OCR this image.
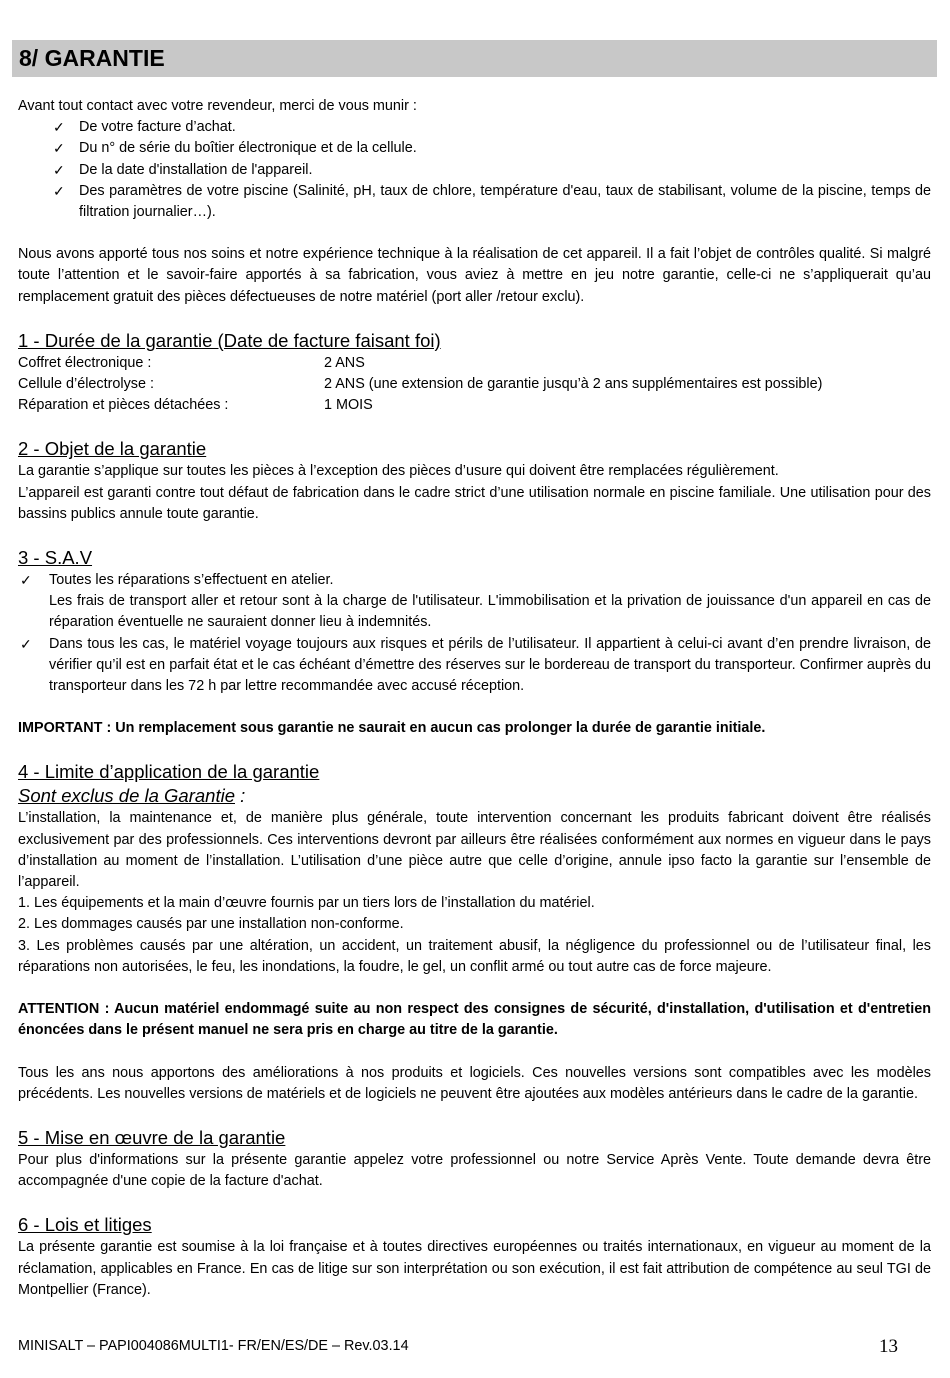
8/ GARANTIE

Avant tout contact avec votre revendeur, merci de vous munir :

✓ De votre facture d’achat.
✓ Du n° de série du boîtier électronique et de la cellule.
✓ De la date d'installation de l'appareil.
✓ Des paramètres de votre piscine (Salinité, pH, taux de chlore, température d'eau, taux de stabilisant, volume de la piscine, temps de filtration journalier…).

Nous avons apporté tous nos soins et notre expérience technique à la réalisation de cet appareil. Il a fait l’objet de contrôles qualité. Si malgré toute l’attention et le savoir-faire apportés à sa fabrication, vous aviez à mettre en jeu notre garantie, celle-ci ne s’appliquerait qu’au remplacement gratuit des pièces défectueuses de notre matériel (port aller /retour exclu).

1 - Durée de la garantie (Date de facture faisant foi)
Coffret électronique :	2 ANS
Cellule d’électrolyse :	2 ANS (une extension de garantie jusqu’à 2 ans supplémentaires est possible)
Réparation et pièces détachées :	1 MOIS
2 - Objet de la garantie

La garantie s’applique sur toutes les pièces à l’exception des pièces d’usure qui doivent être remplacées régulièrement.

L’appareil est garanti contre tout défaut de fabrication dans le cadre strict d’une utilisation normale en piscine familiale. Une utilisation pour des bassins publics annule toute garantie.

3 - S.A.V
✓ Toutes les réparations s’effectuent en atelier.
Les frais de transport aller et retour sont à la charge de l'utilisateur. L'immobilisation et la privation de jouissance d'un appareil en cas de réparation éventuelle ne sauraient donner lieu à indemnités.
✓ Dans tous les cas, le matériel voyage toujours aux risques et périls de l’utilisateur. Il appartient à celui-ci avant d’en prendre livraison, de vérifier qu’il est en parfait état et le cas échéant d’émettre des réserves sur le bordereau de transport du transporteur. Confirmer auprès du transporteur dans les 72 h par lettre recommandée avec accusé réception.

IMPORTANT : Un remplacement sous garantie ne saurait en aucun cas prolonger la durée de garantie initiale.

4 - Limite d’application de la garantie
Sont exclus de la Garantie :

L’installation, la maintenance et, de manière plus générale, toute intervention concernant les produits fabricant doivent être réalisés exclusivement par des professionnels. Ces interventions devront par ailleurs être réalisées conformément aux normes en vigueur dans le pays d’installation au moment de l’installation. L’utilisation d’une pièce autre que celle d’origine, annule ipso facto la garantie sur l’ensemble de l’appareil.

1. Les équipements et la main d’œuvre fournis par un tiers lors de l’installation du matériel.

2. Les dommages causés par une installation non-conforme.

3. Les problèmes causés par une altération, un accident, un traitement abusif, la négligence du professionnel ou de l’utilisateur final, les réparations non autorisées, le feu, les inondations, la foudre, le gel, un conflit armé ou tout autre cas de force majeure.

ATTENTION : Aucun matériel endommagé suite au non respect des consignes de sécurité, d'installation, d'utilisation et d'entretien énoncées dans le présent manuel ne sera pris en charge au titre de la garantie.

Tous les ans nous apportons des améliorations à nos produits et logiciels. Ces nouvelles versions sont compatibles avec les modèles précédents. Les nouvelles versions de matériels et de logiciels ne peuvent être ajoutées aux modèles antérieurs dans le cadre de la garantie.

5 - Mise en œuvre de la garantie

Pour plus d'informations sur la présente garantie appelez votre professionnel ou notre Service Après Vente. Toute demande devra être accompagnée d'une copie de la facture d'achat.

6 - Lois et litiges

La présente garantie est soumise à la loi française et à toutes directives européennes ou traités internationaux, en vigueur au moment de la réclamation, applicables en France. En cas de litige sur son interprétation ou son exécution, il est fait attribution de compétence au seul TGI de Montpellier (France).

MINISALT – PAPI004086MULTI1- FR/EN/ES/DE – Rev.03.14	13
